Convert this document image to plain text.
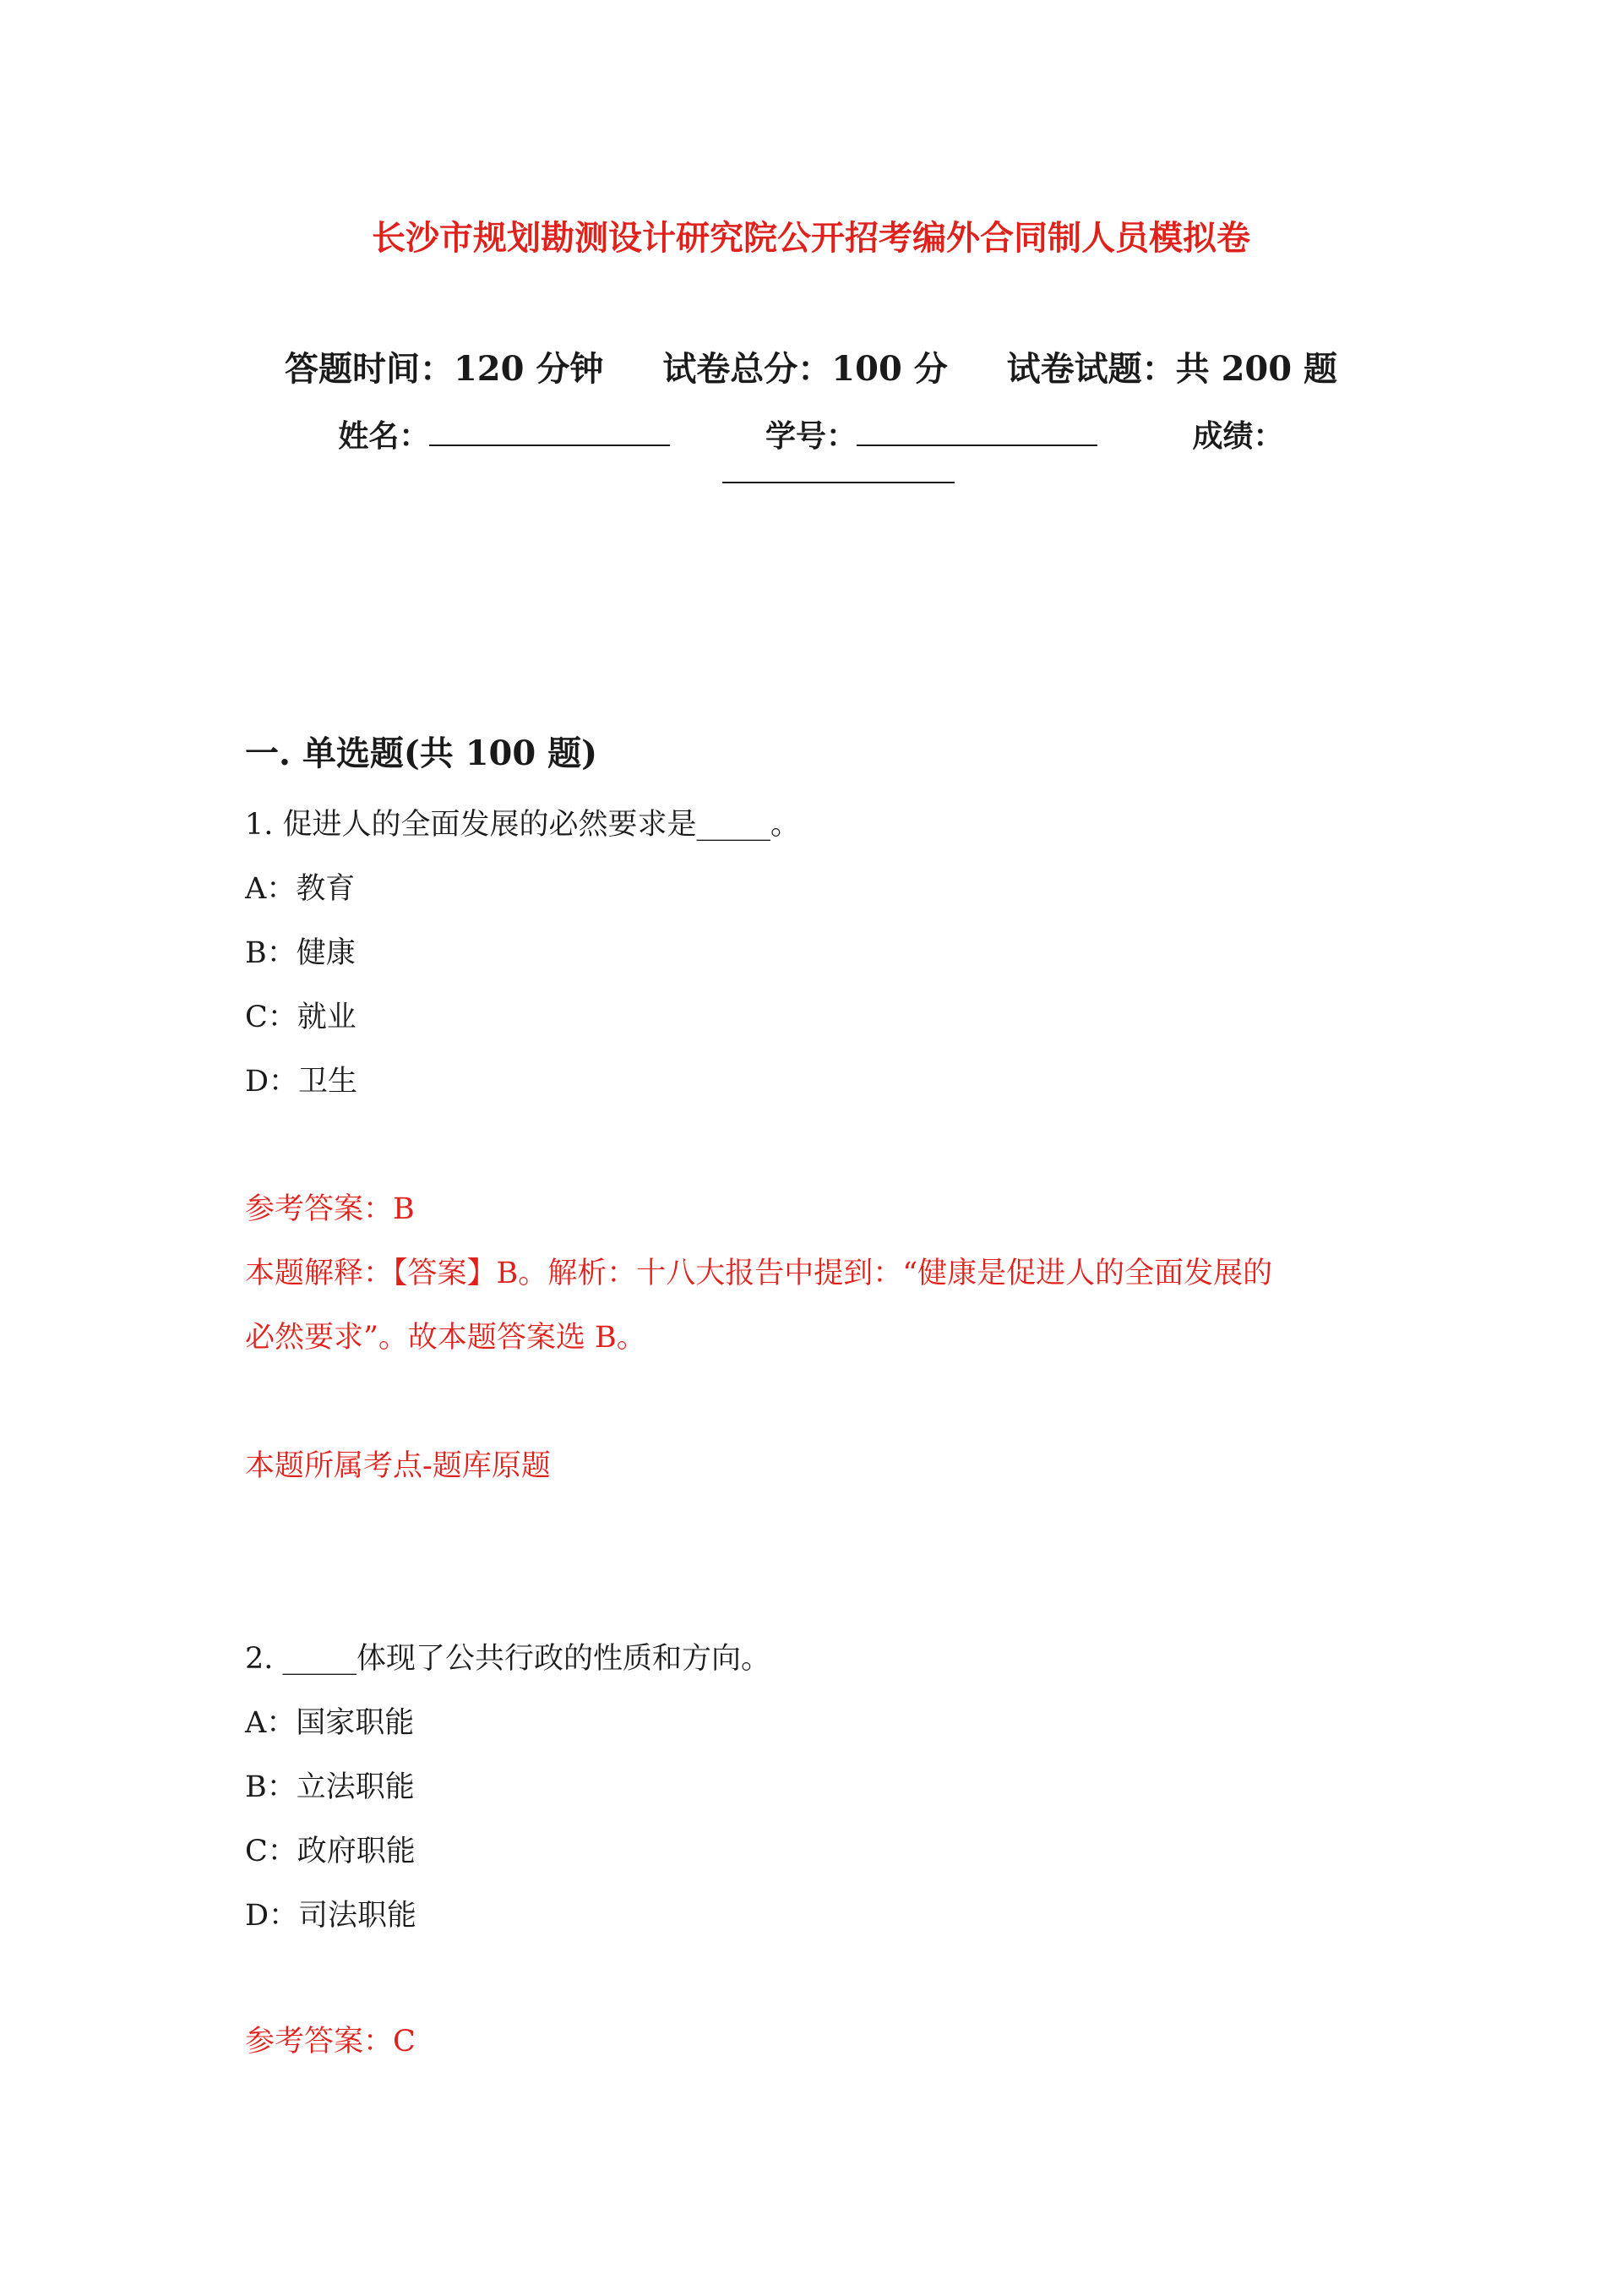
长沙市规划勘测设计研究院公开招考编外合同制人员模拟卷
答题时间：120 分钟 试卷总分：100 分 试卷试题：共 200 题
姓名：	学号：	成绩：
一. 单选题(共 100 题)
1. 促进人的全面发展的必然要求是_____。
A：教育
B：健康
C：就业
D：卫生
参考答案：B
本题解释：【答案】B。解析：十八大报告中提到：“健康是促进人的全面发展的
必然要求”。故本题答案选 B。
本题所属考点-题库原题
2. _____体现了公共行政的性质和方向。
A：国家职能
B：立法职能
C：政府职能
D：司法职能
参考答案：C
